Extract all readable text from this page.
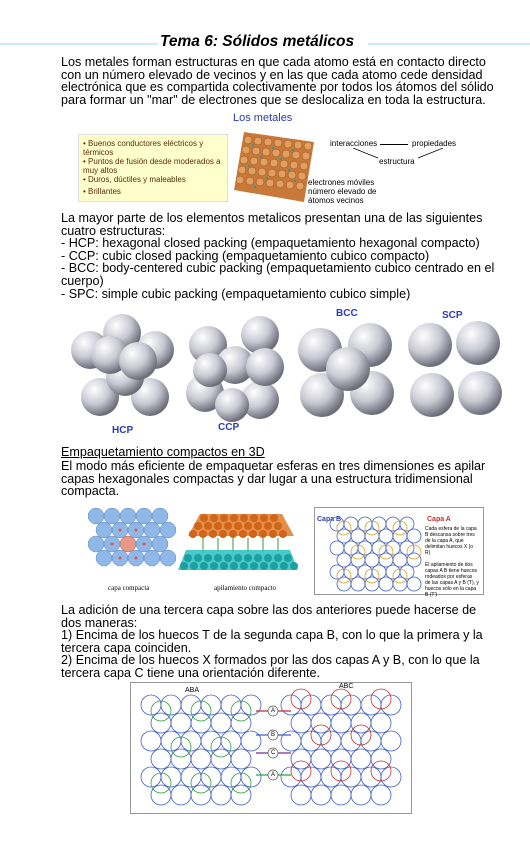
Tema 6: Sólidos metálicos
Los metales forman estructuras en que cada atomo está en contacto directo
con un número elevado de vecinos y en las que cada atomo cede densidad
electrónica que es compartida colectivamente por todos los átomos del sólido
para formar un "mar" de electrones que se deslocaliza en toda la estructura.
Los metales
• Buenos conductores eléctricos y térmicos
• Puntos de fusión desde moderados a muy altos
• Duros, dúctiles y maleables
• Brillantes
interacciones	propiedades
estructura
electrones móviles
número elevado de
átomos vecinos
La mayor parte de los elementos metalicos presentan una de las siguientes
cuatro estructuras:
- HCP: hexagonal closed packing (empaquetamiento hexagonal compacto)
- CCP: cubic closed packing (empaquetamiento cubico compacto)
- BCC: body-centered cubic packing (empaquetamiento cubico centrado en el
cuerpo)
- SPC: simple cubic packing (empaquetamiento cubico simple)
HCP	CCP
BCC	SCP
Empaquetamiento compactos en 3D
El modo más eficiente de empaquetar esferas en tres dimensiones es apilar
capas hexagonales compactas y dar lugar a una estructura tridimensional
compacta.
capa compacta	apilamiento compacto
Capa B	Capa A
Cada esfera de la capa B descansa sobre tres de la capa A, que delimitan huecos X (o R)

El apilamiento de dos capas A B tiene huecos rodeados por esferas de las capas A y B (T), y huecos sólo en la capa B (T')
La adición de una tercera capa sobre las dos anteriores puede hacerse de
dos maneras:
1) Encima de los huecos T de la segunda capa B, con lo que la primera y la
tercera capa coinciden.
2) Encima de los huecos X formados por las dos capas A y B, con lo que la
tercera capa C tiene una orientación diferente.
ABA
ABC
A
B
C
A
